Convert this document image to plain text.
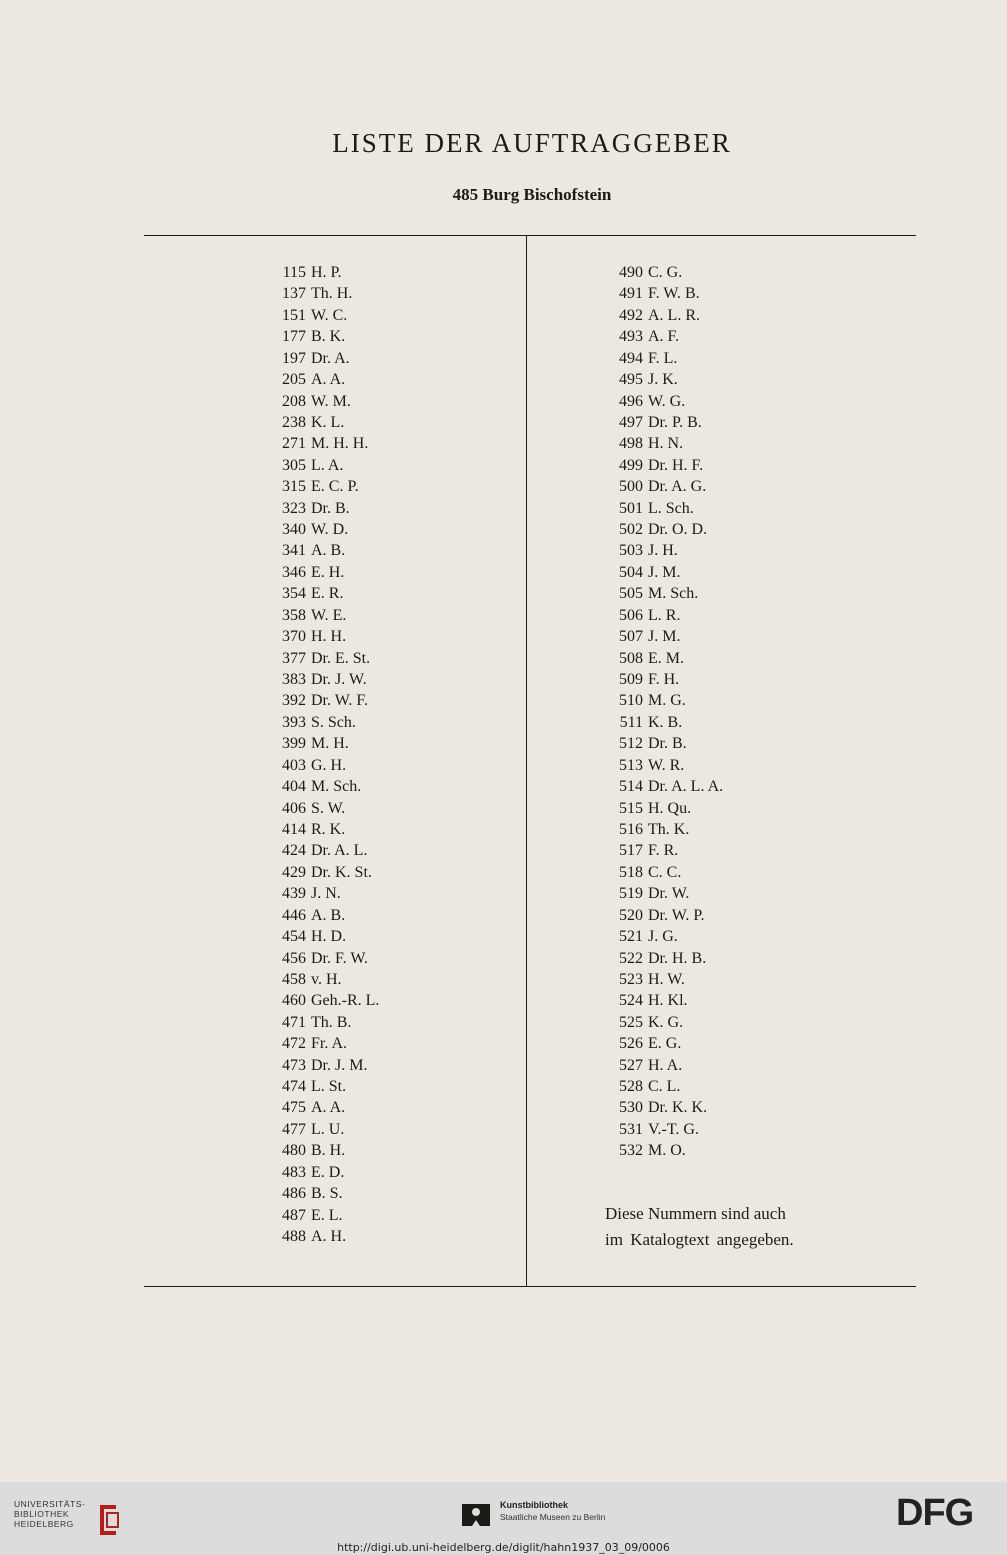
LISTE DER AUFTRAGGEBER
485 Burg Bischofstein
115 H. P.
137 Th. H.
151 W. C.
177 B. K.
197 Dr. A.
205 A. A.
208 W. M.
238 K. L.
271 M. H. H.
305 L. A.
315 E. C. P.
323 Dr. B.
340 W. D.
341 A. B.
346 E. H.
354 E. R.
358 W. E.
370 H. H.
377 Dr. E. St.
383 Dr. J. W.
392 Dr. W. F.
393 S. Sch.
399 M. H.
403 G. H.
404 M. Sch.
406 S. W.
414 R. K.
424 Dr. A. L.
429 Dr. K. St.
439 J. N.
446 A. B.
454 H. D.
456 Dr. F. W.
458 v. H.
460 Geh.-R. L.
471 Th. B.
472 Fr. A.
473 Dr. J. M.
474 L. St.
475 A. A.
477 L. U.
480 B. H.
483 E. D.
486 B. S.
487 E. L.
488 A. H.
490 C. G.
491 F. W. B.
492 A. L. R.
493 A. F.
494 F. L.
495 J. K.
496 W. G.
497 Dr. P. B.
498 H. N.
499 Dr. H. F.
500 Dr. A. G.
501 L. Sch.
502 Dr. O. D.
503 J. H.
504 J. M.
505 M. Sch.
506 L. R.
507 J. M.
508 E. M.
509 F. H.
510 M. G.
511 K. B.
512 Dr. B.
513 W. R.
514 Dr. A. L. A.
515 H. Qu.
516 Th. K.
517 F. R.
518 C. C.
519 Dr. W.
520 Dr. W. P.
521 J. G.
522 Dr. H. B.
523 H. W.
524 H. Kl.
525 K. G.
526 E. G.
527 H. A.
528 C. L.
530 Dr. K. K.
531 V.-T. G.
532 M. O.
Diese Nummern sind auch
im Katalogtext angegeben.
UNIVERSITÄTS-
BIBLIOTHEK
HEIDELBERG
Kunstbibliothek
Staatliche Museen zu Berlin	DFG
http://digi.ub.uni-heidelberg.de/diglit/hahn1937_03_09/0006
